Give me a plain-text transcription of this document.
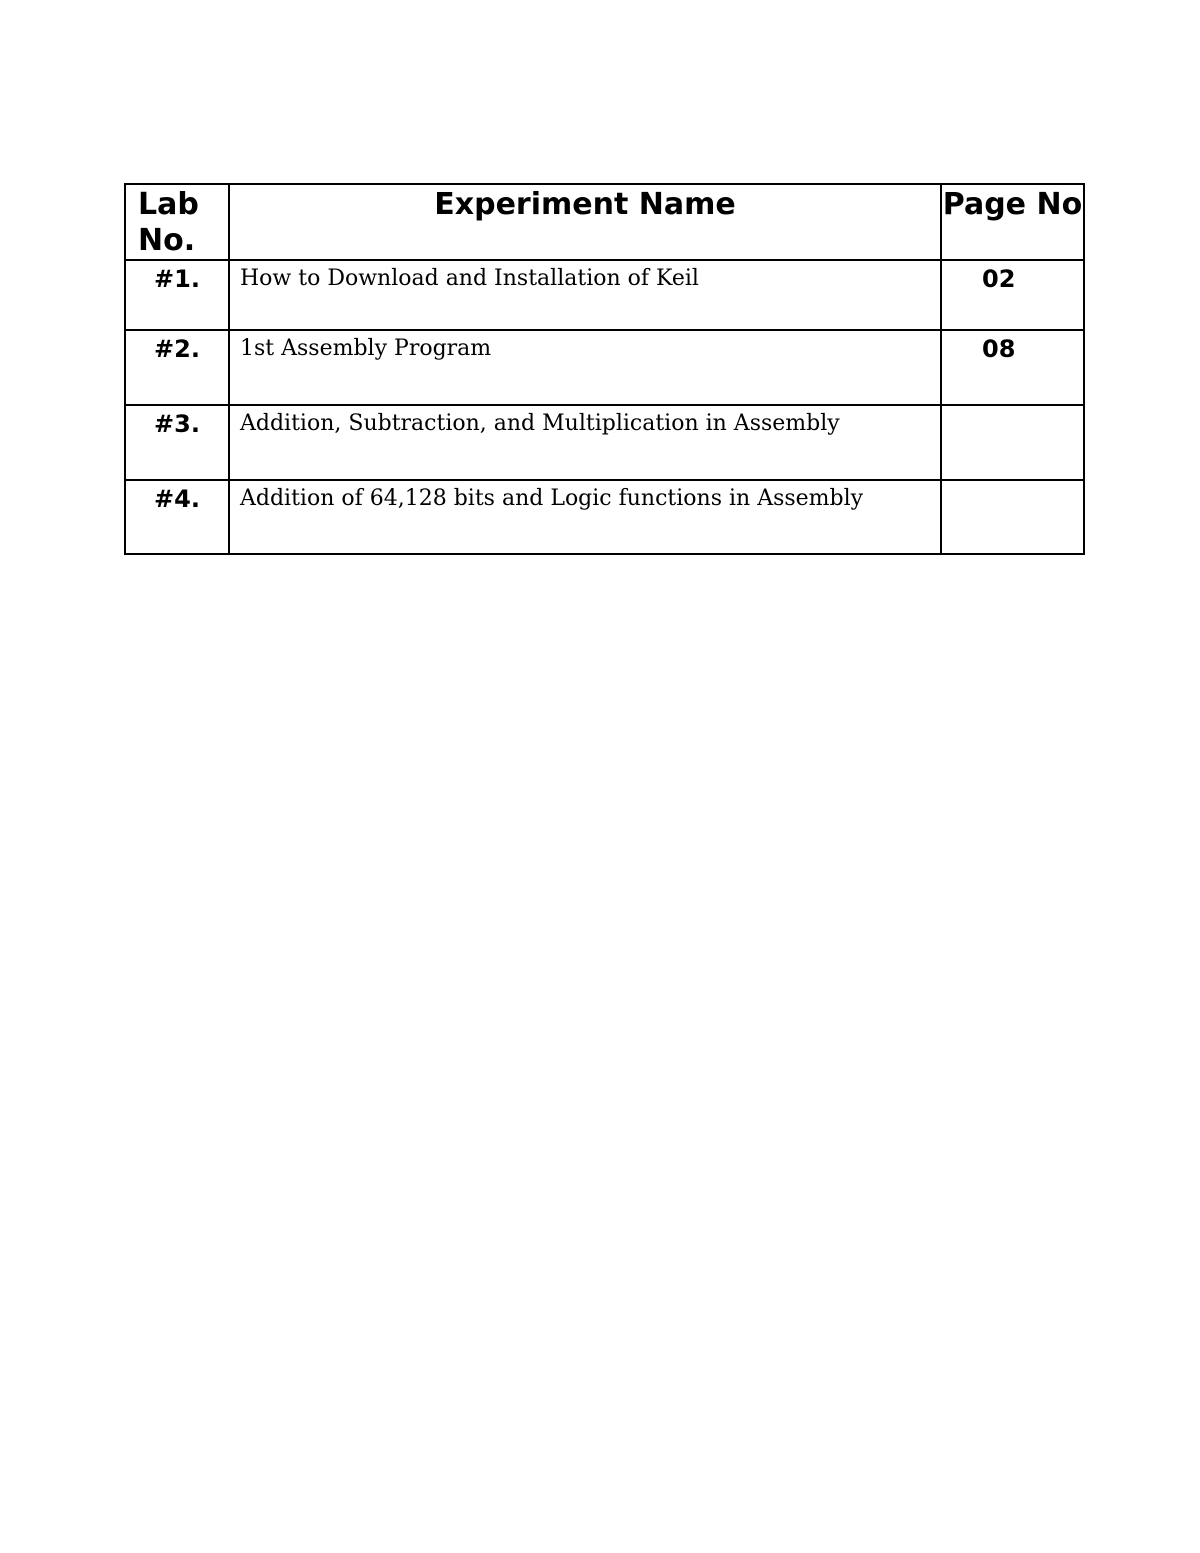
Lab No.	Experiment Name	Page No
#1.	How to Download and Installation of Keil	02
#2.	1st Assembly Program	08
#3.	Addition, Subtraction, and Multiplication in Assembly	
#4.	Addition of 64,128 bits and Logic functions in Assembly	
